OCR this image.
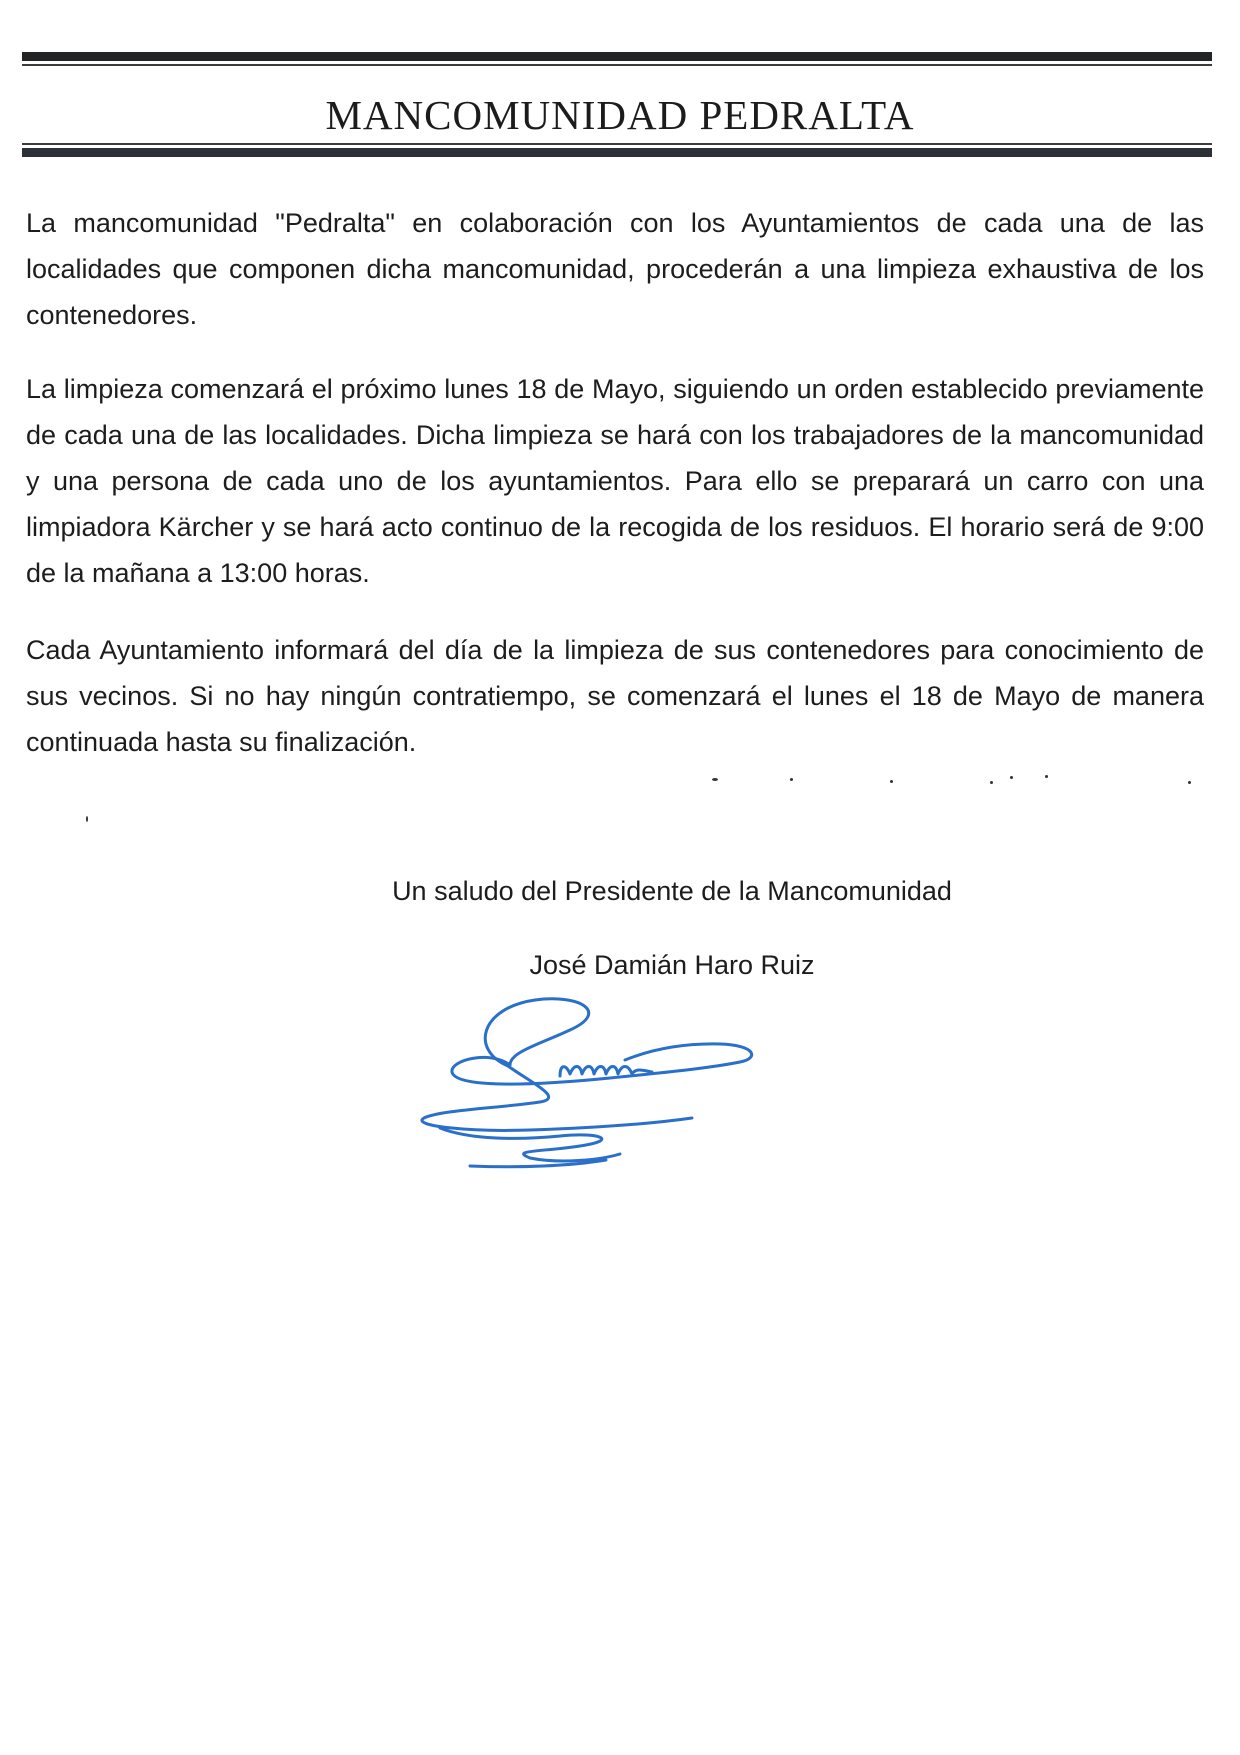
MANCOMUNIDAD PEDRALTA

La mancomunidad "Pedralta" en colaboración con los Ayuntamientos de cada una de las localidades que componen dicha mancomunidad, procederán a una limpieza exhaustiva de los contenedores.

La limpieza comenzará el próximo lunes 18 de Mayo, siguiendo un orden establecido previamente de cada una de las localidades. Dicha limpieza se hará con los trabajadores de la mancomunidad y una persona de cada uno de los ayuntamientos. Para ello se preparará un carro con una limpiadora Kärcher y se hará acto continuo de la recogida de los residuos. El horario será de 9:00 de la mañana a 13:00 horas.

Cada Ayuntamiento informará del día de la limpieza de sus contenedores para conocimiento de sus vecinos. Si no hay ningún contratiempo, se comenzará el lunes el 18 de Mayo de manera continuada hasta su finalización.

Un saludo del Presidente de la Mancomunidad

José Damián Haro Ruiz
